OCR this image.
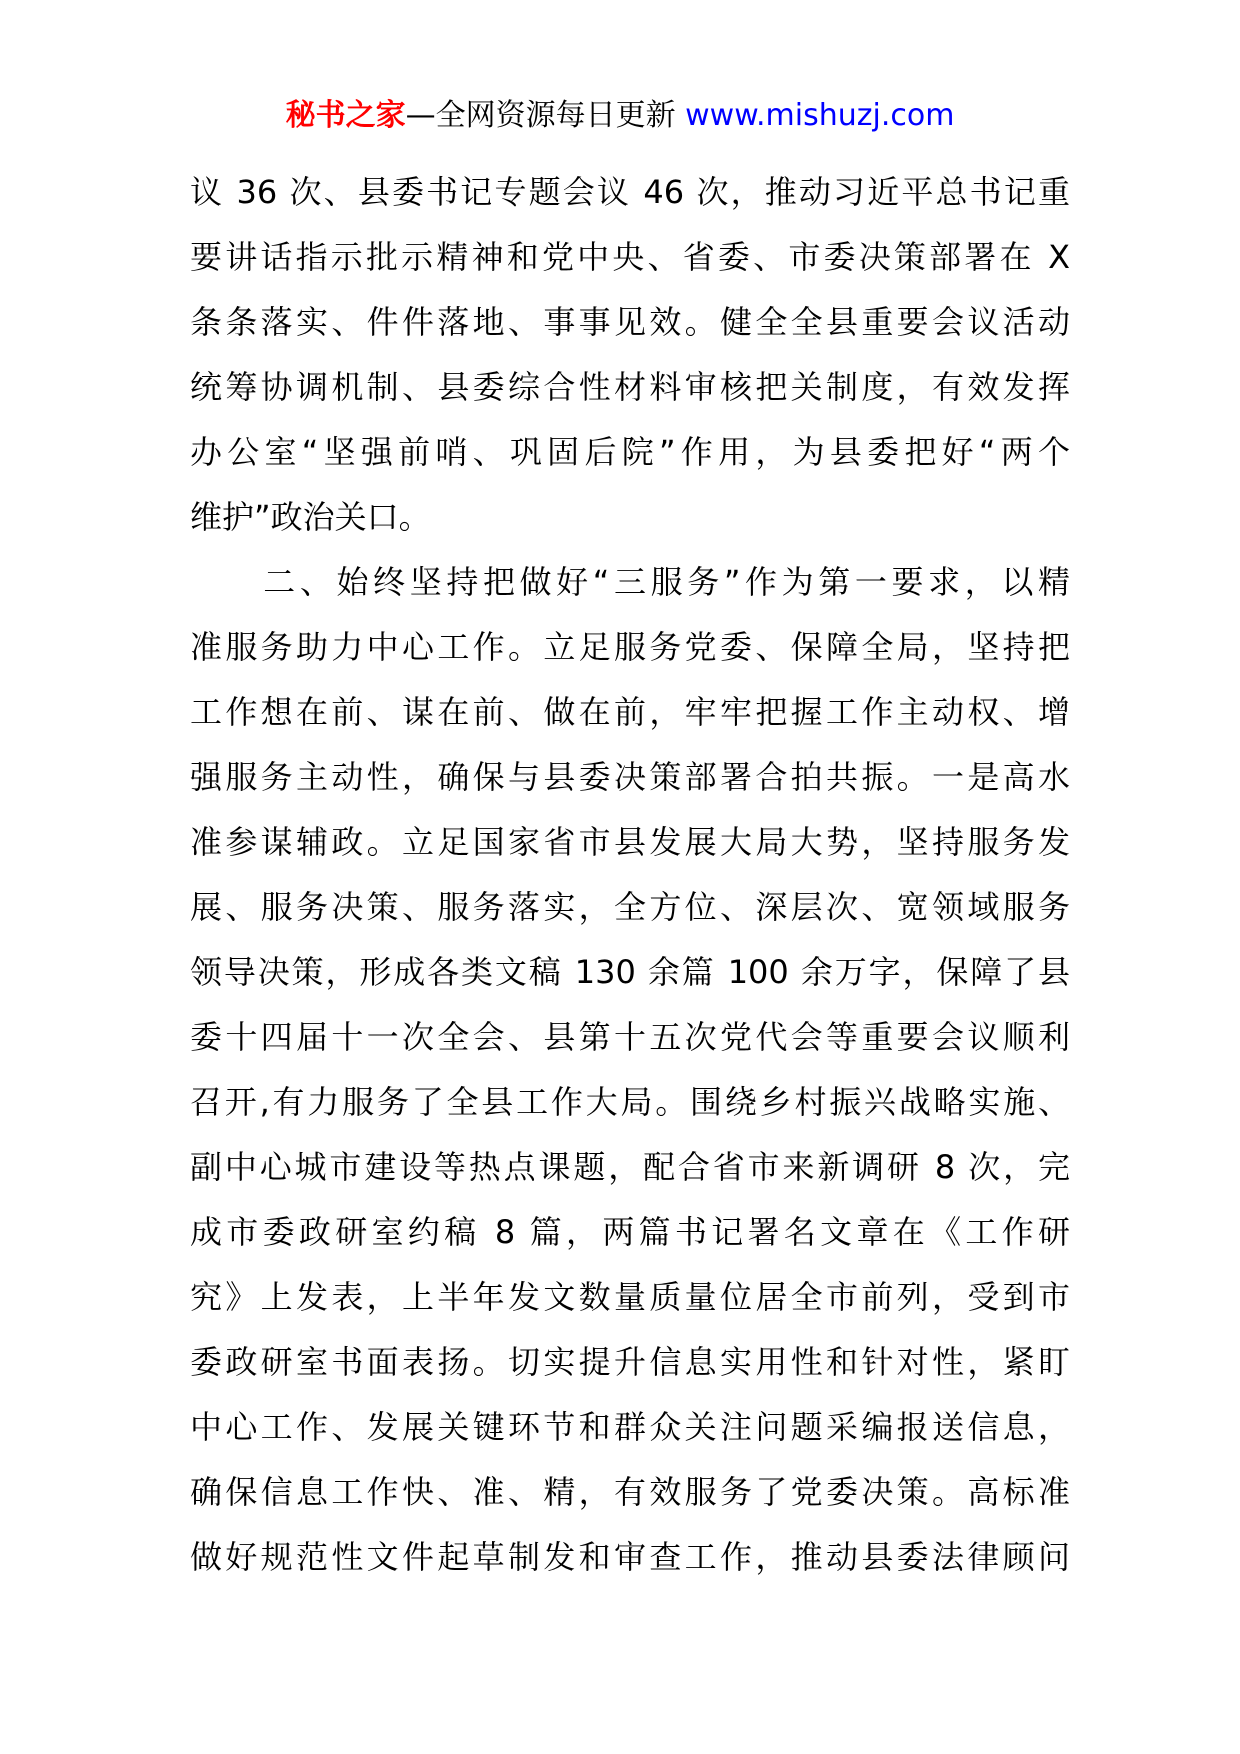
秘书之家—全网资源每日更新 www.mishuzj.com
议 36 次、县委书记专题会议 46 次，推动习近平总书记重
要讲话指示批示精神和党中央、省委、市委决策部署在 X
条条落实、件件落地、事事见效。健全全县重要会议活动
统筹协调机制、县委综合性材料审核把关制度，有效发挥
办公室“坚强前哨、巩固后院”作用，为县委把好“两个
维护”政治关口。
　　二、始终坚持把做好“三服务”作为第一要求，以精
准服务助力中心工作。立足服务党委、保障全局，坚持把
工作想在前、谋在前、做在前，牢牢把握工作主动权、增
强服务主动性，确保与县委决策部署合拍共振。一是高水
准参谋辅政。立足国家省市县发展大局大势，坚持服务发
展、服务决策、服务落实，全方位、深层次、宽领域服务
领导决策，形成各类文稿 130 余篇 100 余万字，保障了县
委十四届十一次全会、县第十五次党代会等重要会议顺利
召开,有力服务了全县工作大局。围绕乡村振兴战略实施、
副中心城市建设等热点课题，配合省市来新调研 8 次，完
成市委政研室约稿 8 篇，两篇书记署名文章在《工作研
究》上发表，上半年发文数量质量位居全市前列，受到市
委政研室书面表扬。切实提升信息实用性和针对性，紧盯
中心工作、发展关键环节和群众关注问题采编报送信息，
确保信息工作快、准、精，有效服务了党委决策。高标准
做好规范性文件起草制发和审查工作，推动县委法律顾问
